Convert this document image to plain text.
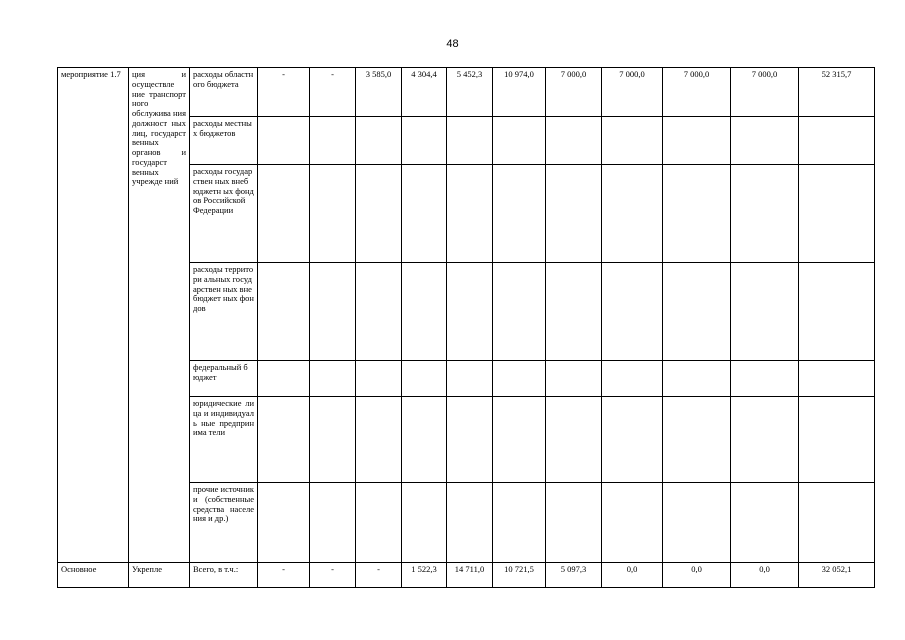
48
мероприятие 1.7	ция и осуществле ние транспорт ного обслужива ния должност ных лиц, государст венных органов и государст венных учрежде ний	расходы областного бюджета	-	-	3 585,0	4 304,4	5 452,3	10 974,0	7 000,0	7 000,0	7 000,0	7 000,0	52 315,7
		расходы местных бюджетов											
		расходы государствен ных внебюджетн ых фондов Российской Федерации											
		расходы территори альных государствен ных внебюджет ных фондов											
		федеральный бюджет											
		юридические лица и индивидуаль ные предпринима тели											
		прочие источники (собственные средства населения и др.)											
Основное	Укрепле	Всего, в т.ч.:	-	-	-	1 522,3	14 711,0	10 721,5	5 097,3	0,0	0,0	0,0	32 052,1
